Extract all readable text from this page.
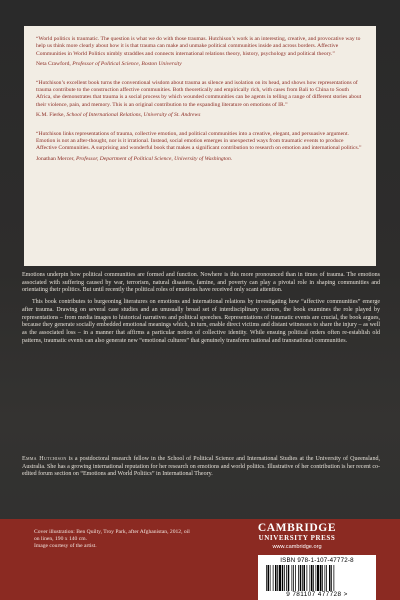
“World politics is traumatic. The question is what we do with those traumas. Hutchison’s work is an interesting, creative, and provocative way to help us think more clearly about how it is that trauma can make and unmake political communities inside and across borders. Affective Communities in World Politics nimbly straddles and connects international relations theory, history, psychology and political theory.”
Neta Crawford, Professor of Political Science, Boston University
“Hutchison’s excellent book turns the conventional wisdom about trauma as silence and isolation on its head, and shows how representations of trauma contribute to the construction affective communities. Both theoretically and empirically rich, with cases from Bali to China to South Africa, she demonstrates that trauma is a social process by which wounded communities can be agents in telling a range of different stories about their violence, pain, and memory. This is an original contribution to the expanding literature on emotions of IR.”
K.M. Fierke, School of International Relations, University of St. Andrews
“Hutchison links representations of trauma, collective emotion, and political communities into a creative, elegant, and persuasive argument. Emotion is not an after-thought, nor is it irrational. Instead, social emotion emerges in unexpected ways from traumatic events to produce Affective Communities. A surprising and wonderful book that makes a significant contribution to research on emotion and international politics.”
Jonathan Mercer, Professor, Department of Political Science, University of Washington.

Emotions underpin how political communities are formed and function. Nowhere is this more pronounced than in times of trauma. The emotions associated with suffering caused by war, terrorism, natural disasters, famine, and poverty can play a pivotal role in shaping communities and orientating their politics. But until recently the political roles of emotions have received only scant attention.

This book contributes to burgeoning literatures on emotions and international relations by investigating how “affective communities” emerge after trauma. Drawing on several case studies and an unusually broad set of interdisciplinary sources, the book examines the role played by representations – from media images to historical narratives and political speeches. Representations of traumatic events are crucial, the book argues, because they generate socially embedded emotional meanings which, in turn, enable direct victims and distant witnesses to share the injury – as well as the associated loss – in a manner that affirms a particular notion of collective identity. While ensuing political orders often re-establish old patterns, traumatic events can also generate new “emotional cultures” that genuinely transform national and transnational communities.

Emma Hutchison is a postdoctoral research fellow in the School of Political Science and International Studies at the University of Queensland, Australia. She has a growing international reputation for her research on emotions and world politics. Illustrative of her contribution is her recent co-edited forum section on “Emotions and World Politics” in International Theory.
Cover illustration: Ben Quilty, Troy Park, after Afghanistan, 2012, oil on linen, 190 x 140 cm.
Image courtesy of the artist.
CAMBRIDGE
UNIVERSITY PRESS
www.cambridge.org
ISBN 978-1-107-47772-8
9 781107 477728 >
